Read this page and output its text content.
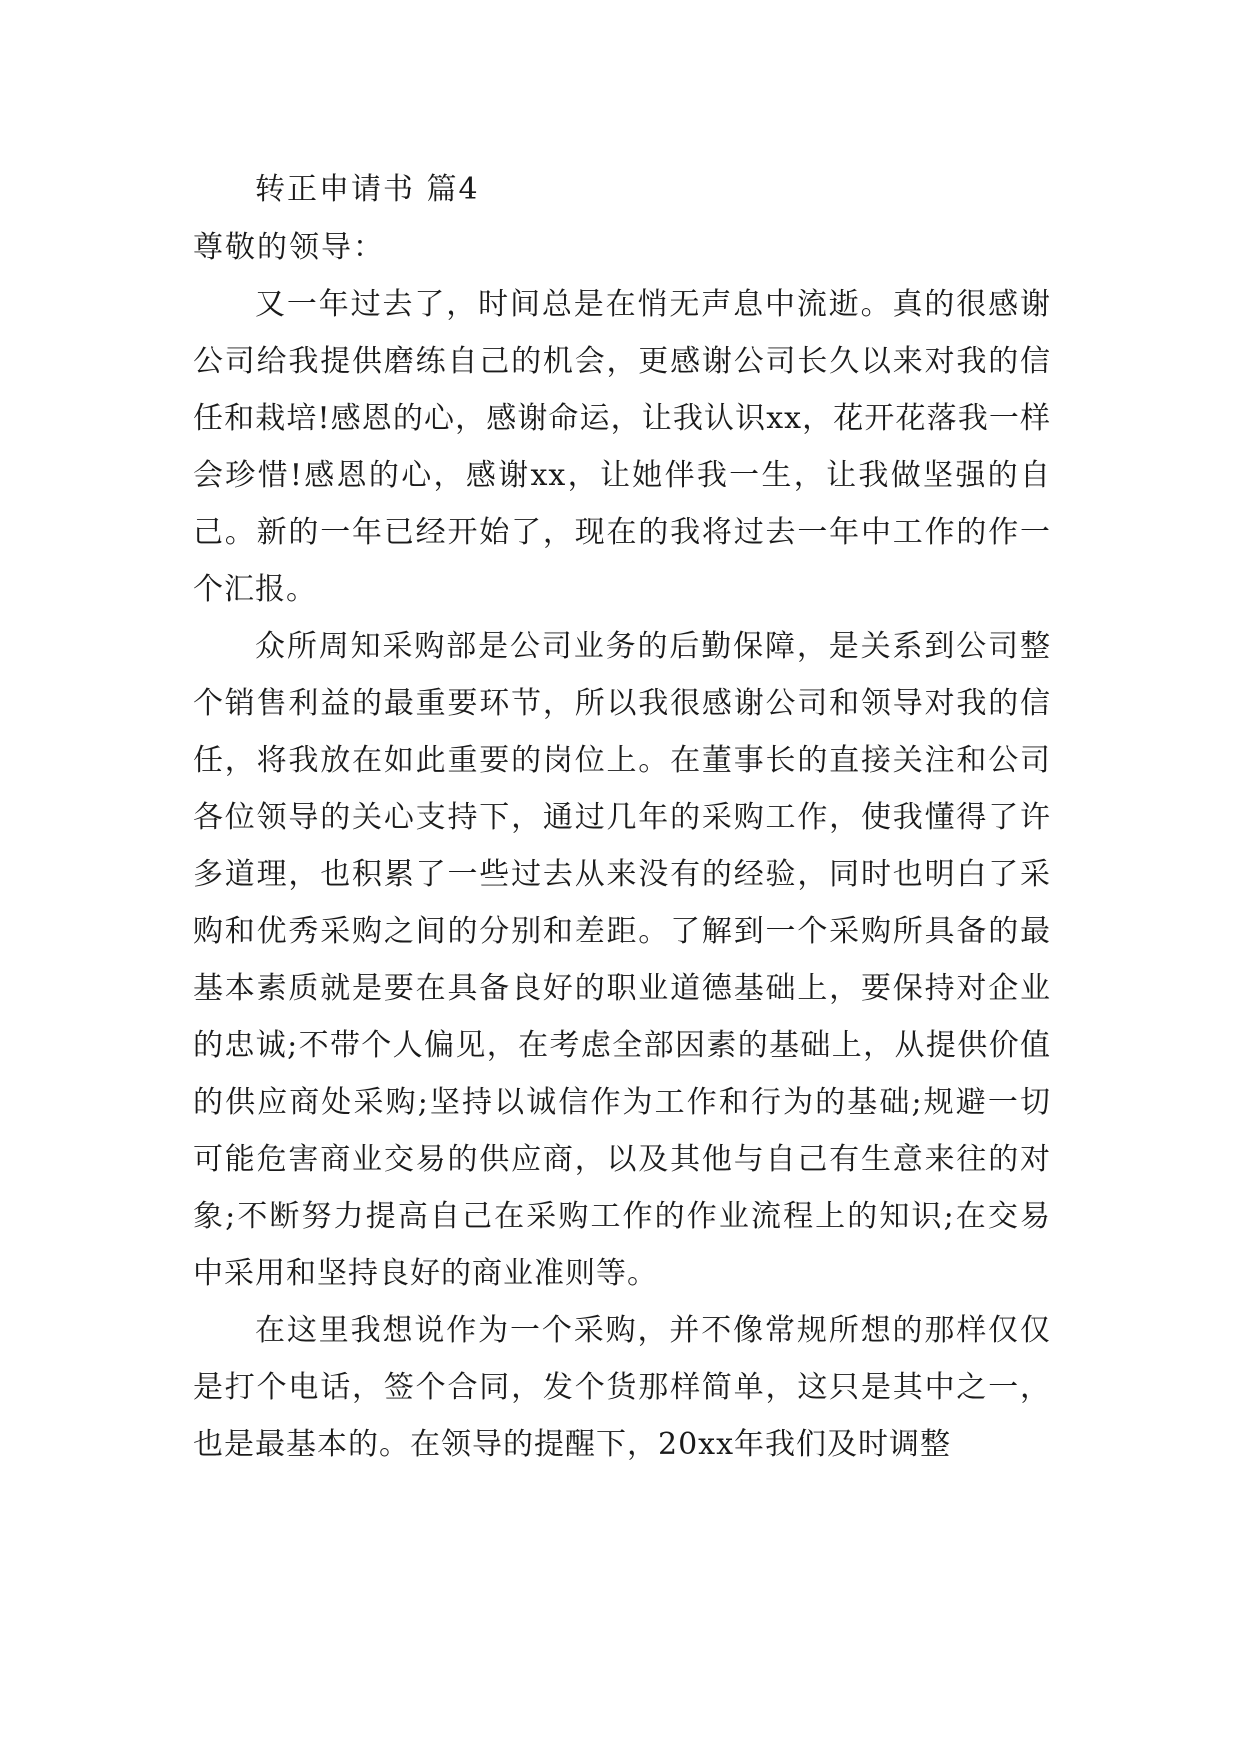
转正申请书 篇4

尊敬的领导：

又一年过去了，时间总是在悄无声息中流逝。真的很感谢公司给我提供磨练自己的机会，更感谢公司长久以来对我的信任和栽培!感恩的心，感谢命运，让我认识xx，花开花落我一样会珍惜!感恩的心，感谢xx，让她伴我一生，让我做坚强的自己。新的一年已经开始了，现在的我将过去一年中工作的作一个汇报。

众所周知采购部是公司业务的后勤保障，是关系到公司整个销售利益的最重要环节，所以我很感谢公司和领导对我的信任，将我放在如此重要的岗位上。在董事长的直接关注和公司各位领导的关心支持下，通过几年的采购工作，使我懂得了许多道理，也积累了一些过去从来没有的经验，同时也明白了采购和优秀采购之间的分别和差距。了解到一个采购所具备的最基本素质就是要在具备良好的职业道德基础上，要保持对企业的忠诚;不带个人偏见，在考虑全部因素的基础上，从提供价值的供应商处采购;坚持以诚信作为工作和行为的基础;规避一切可能危害商业交易的供应商，以及其他与自己有生意来往的对象;不断努力提高自己在采购工作的作业流程上的知识;在交易中采用和坚持良好的商业准则等。

在这里我想说作为一个采购，并不像常规所想的那样仅仅是打个电话，签个合同，发个货那样简单，这只是其中之一，也是最基本的。在领导的提醒下，20xx年我们及时调整
